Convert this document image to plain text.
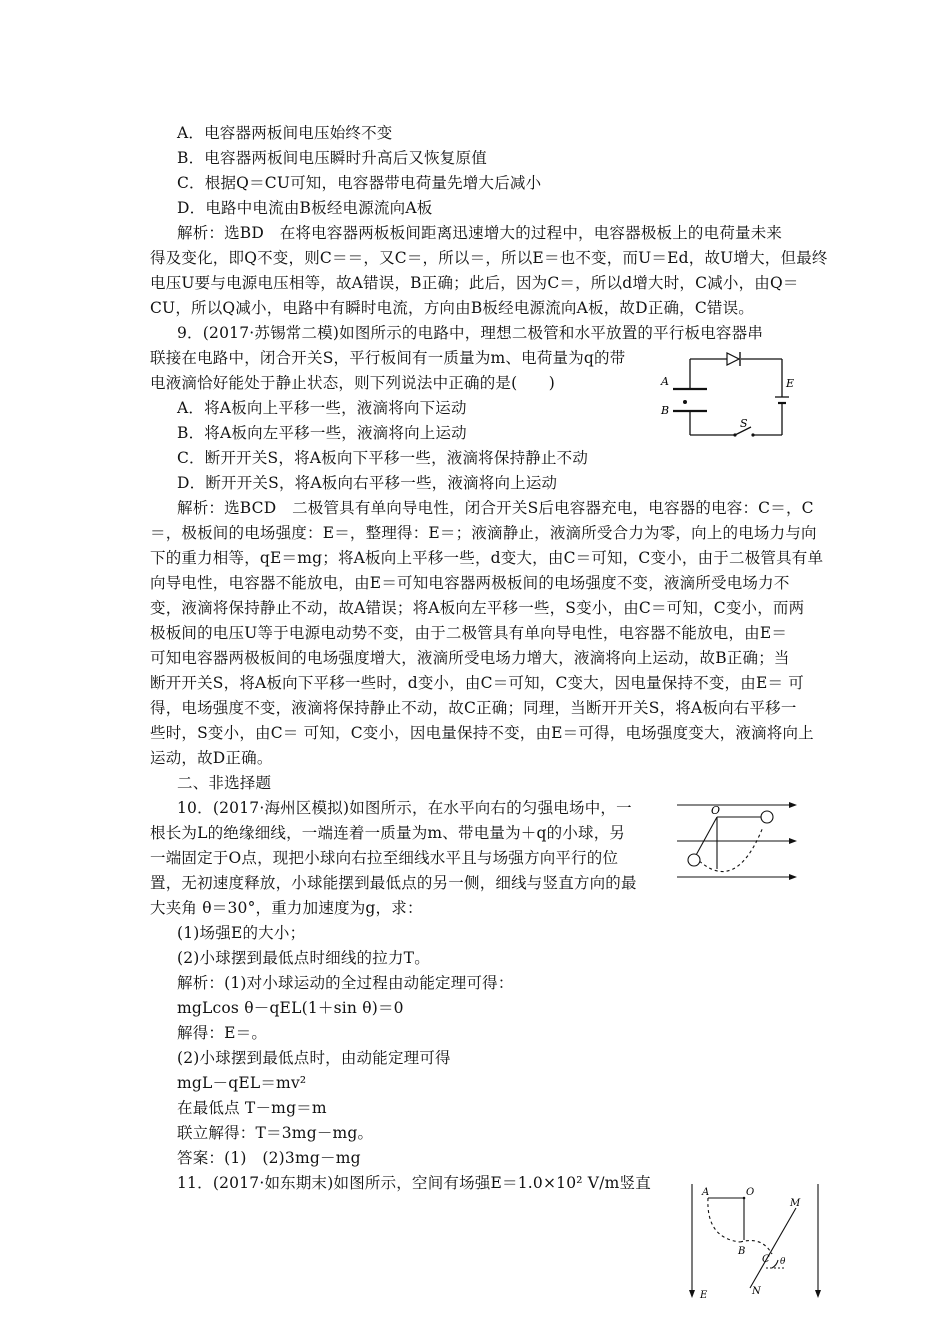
A．电容器两板间电压始终不变
B．电容器两板间电压瞬时升高后又恢复原值
C．根据Q＝CU可知，电容器带电荷量先增大后减小
D．电路中电流由B板经电源流向A板
解析：选BD　在将电容器两板板间距离迅速增大的过程中，电容器极板上的电荷量未来
得及变化，即Q不变，则C＝＝，又C＝，所以＝，所以E＝也不变，而U＝Ed，故U增大，但最终
电压U要与电源电压相等，故A错误，B正确；此后，因为C＝，所以d增大时，C减小，由Q＝
CU，所以Q减小，电路中有瞬时电流，方向由B板经电源流向A板，故D正确，C错误。
9．(2017·苏锡常二模)如图所示的电路中，理想二极管和水平放置的平行板电容器串
联接在电路中，闭合开关S，平行板间有一质量为m、电荷量为q的带
电液滴恰好能处于静止状态，则下列说法中正确的是(　　)
A．将A板向上平移一些，液滴将向下运动
B．将A板向左平移一些，液滴将向上运动
C．断开开关S，将A板向下平移一些，液滴将保持静止不动
D．断开开关S，将A板向右平移一些，液滴将向上运动
解析：选BCD　二极管具有单向导电性，闭合开关S后电容器充电，电容器的电容：C＝，C
＝，极板间的电场强度：E＝，整理得：E＝；液滴静止，液滴所受合力为零，向上的电场力与向
下的重力相等，qE＝mg；将A板向上平移一些，d变大，由C＝可知，C变小，由于二极管具有单
向导电性，电容器不能放电，由E＝可知电容器两极板间的电场强度不变，液滴所受电场力不
变，液滴将保持静止不动，故A错误；将A板向左平移一些，S变小，由C＝可知，C变小，而两
极板间的电压U等于电源电动势不变，由于二极管具有单向导电性，电容器不能放电，由E＝
可知电容器两极板间的电场强度增大，液滴所受电场力增大，液滴将向上运动，故B正确；当
断开开关S，将A板向下平移一些时，d变小，由C＝可知，C变大，因电量保持不变，由E＝ 可
得，电场强度不变，液滴将保持静止不动，故C正确；同理，当断开开关S，将A板向右平移一
些时，S变小，由C＝ 可知，C变小，因电量保持不变，由E＝可得，电场强度变大，液滴将向上
运动，故D正确。
二、非选择题
10．(2017·海州区模拟)如图所示，在水平向右的匀强电场中，一
根长为L的绝缘细线，一端连着一质量为m、带电量为＋q的小球，另
一端固定于O点，现把小球向右拉至细线水平且与场强方向平行的位
置，无初速度释放，小球能摆到最低点的另一侧，细线与竖直方向的最
大夹角 θ＝30°，重力加速度为g，求：
(1)场强E的大小；
(2)小球摆到最低点时细线的拉力T。
解析：(1)对小球运动的全过程由动能定理可得：
mgLcos θ－qEL(1＋sin θ)＝0
解得：E＝。
(2)小球摆到最低点时，由动能定理可得
mgL－qEL＝mv²
在最低点 T－mg＝m
联立解得：T＝3mg－mg。
答案：(1)　(2)3mg－mg
11．(2017·如东期末)如图所示，空间有场强E＝1.0×10² V/m竖直
A
B
E
S
O
A	O
B
C
M
N
θ
E
